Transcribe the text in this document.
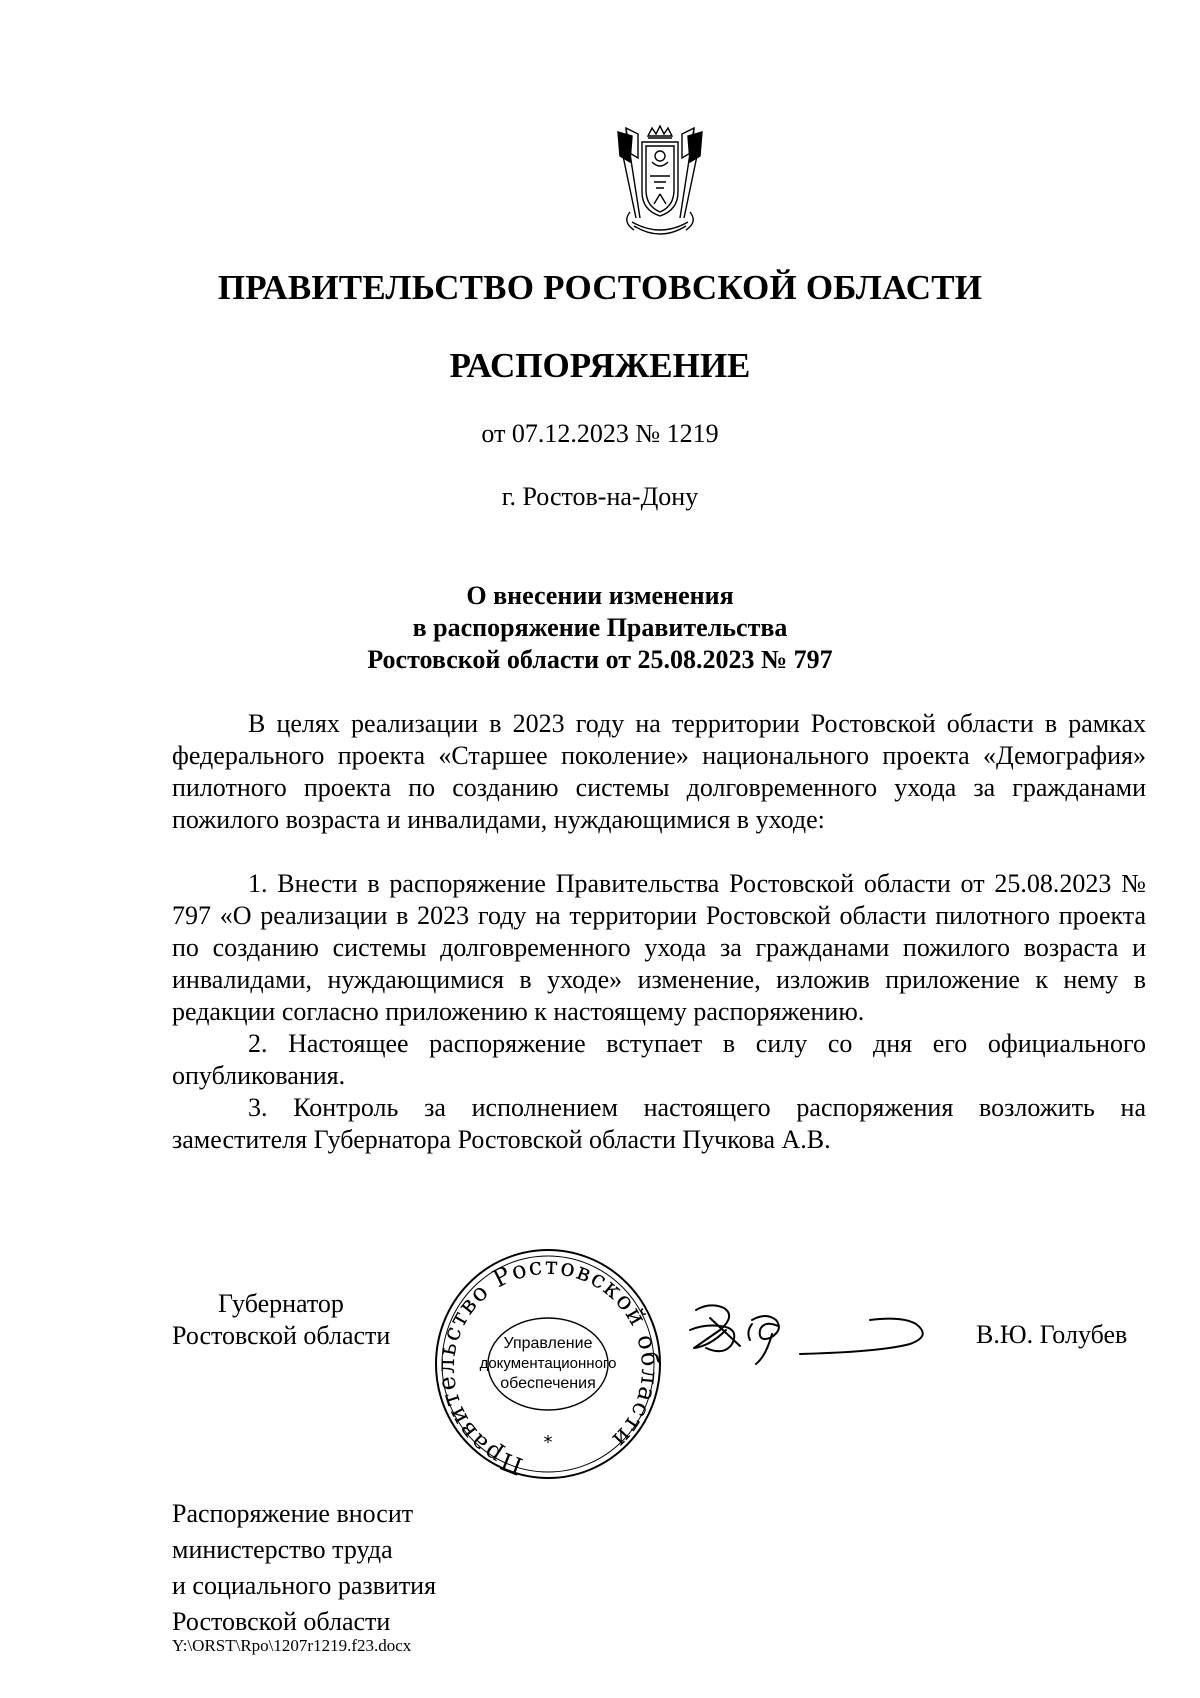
ПРАВИТЕЛЬСТВО РОСТОВСКОЙ ОБЛАСТИ
РАСПОРЯЖЕНИЕ
от 07.12.2023 № 1219
г. Ростов-на-Дону
О внесении изменения
в распоряжение Правительства
Ростовской области от 25.08.2023 № 797

В целях реализации в 2023 году на территории Ростовской области в рамках федерального проекта «Старшее поколение» национального проекта «Демография» пилотного проекта по созданию системы долговременного ухода за гражданами пожилого возраста и инвалидами, нуждающимися в уходе:

1. Внести в распоряжение Правительства Ростовской области от 25.08.2023 № 797 «О реализации в 2023 году на территории Ростовской области пилотного проекта по созданию системы долговременного ухода за гражданами пожилого возраста и инвалидами, нуждающимися в уходе» изменение, изложив приложение к нему в редакции согласно приложению к настоящему распоряжению.

2. Настоящее распоряжение вступает в силу со дня его официального опубликования.

3. Контроль за исполнением настоящего распоряжения возложить на заместителя Губернатора Ростовской области Пучкова А.В.

Губернатор
Ростовской области
Правительство Ростовской области
Управление
документационного
обеспечения
*
В.Ю. Голубев
Распоряжение вносит
министерство труда
и социального развития
Ростовской области
Y:\ORST\Rpo\1207r1219.f23.docx
